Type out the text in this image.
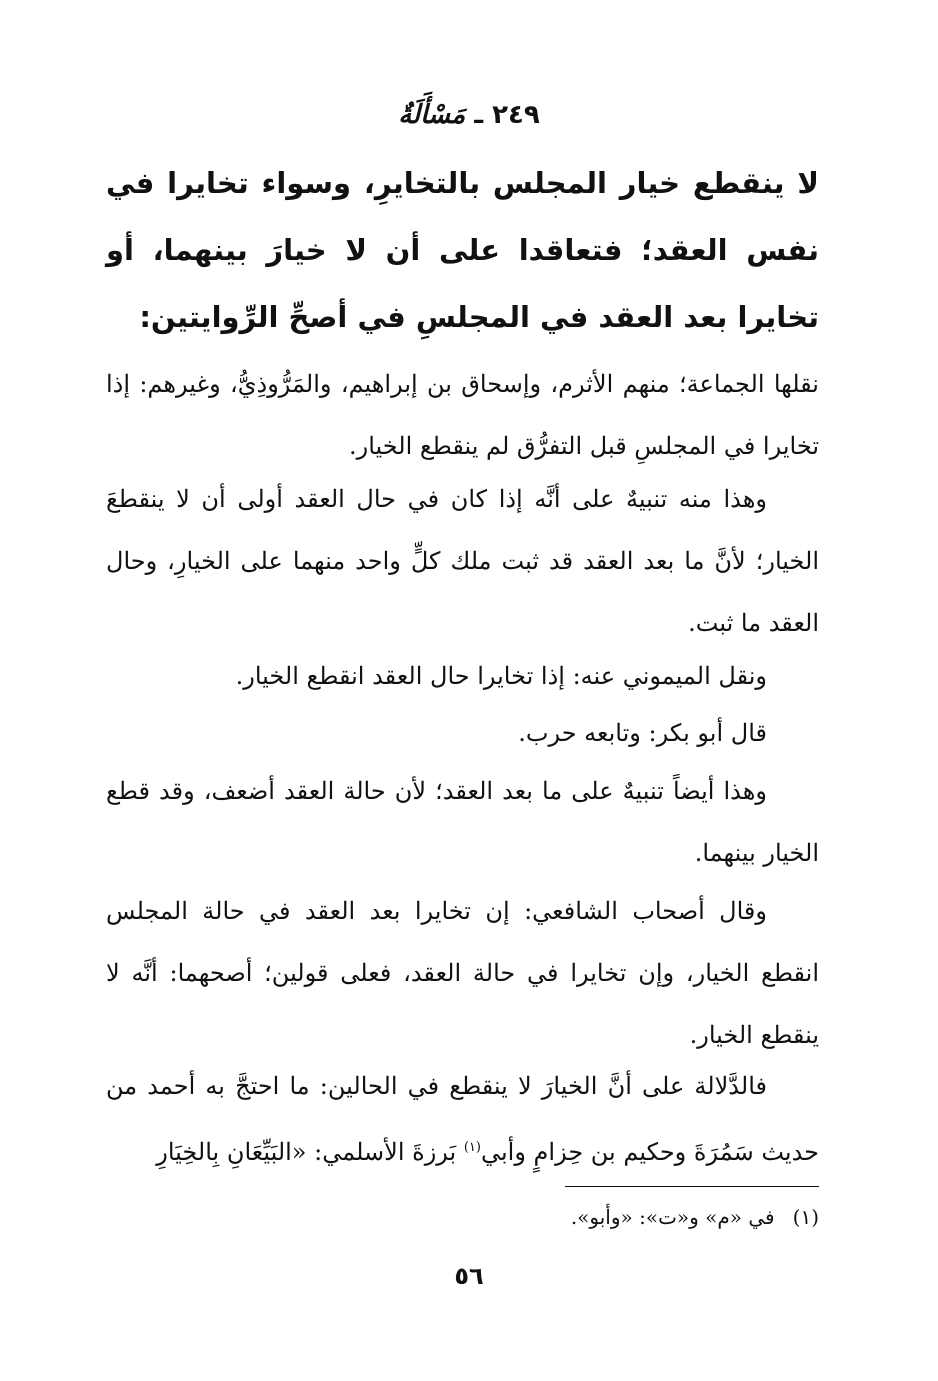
٢٤٩ ـ مَسْأَلَةٌ
لا ينقطع خيار المجلس بالتخايرِ، وسواء تخايرا في نفس العقد؛ فتعاقدا على أن لا خيارَ بينهما، أو تخايرا بعد العقد في المجلسِ في أصحِّ الرِّوايتين:
نقلها الجماعة؛ منهم الأثرم، وإسحاق بن إبراهيم، والمَرُّوذِيُّ، وغيرهم: إذا تخايرا في المجلسِ قبل التفرُّق لم ينقطع الخيار.
وهذا منه تنبيهٌ على أنَّه إذا كان في حال العقد أولى أن لا ينقطعَ الخيار؛ لأنَّ ما بعد العقد قد ثبت ملك كلٍّ واحد منهما على الخيارِ، وحال العقد ما ثبت.
ونقل الميموني عنه: إذا تخايرا حال العقد انقطع الخيار.
قال أبو بكر: وتابعه حرب.
وهذا أيضاً تنبيهٌ على ما بعد العقد؛ لأن حالة العقد أضعف، وقد قطع الخيار بينهما.
وقال أصحاب الشافعي: إن تخايرا بعد العقد في حالة المجلس انقطع الخيار، وإن تخايرا في حالة العقد، فعلى قولين؛ أصحهما: أنَّه لا ينقطع الخيار.
فالدَّلالة على أنَّ الخيارَ لا ينقطع في الحالين: ما احتجَّ به أحمد من حديث سَمُرَةَ وحكيم بن حِزامٍ وأبي$^{(١)}$ بَرزةَ الأسلمي: «البَيِّعَانِ بِالخِيَارِ
(١)في «م» و«ت»: «وأبو».
٥٦
